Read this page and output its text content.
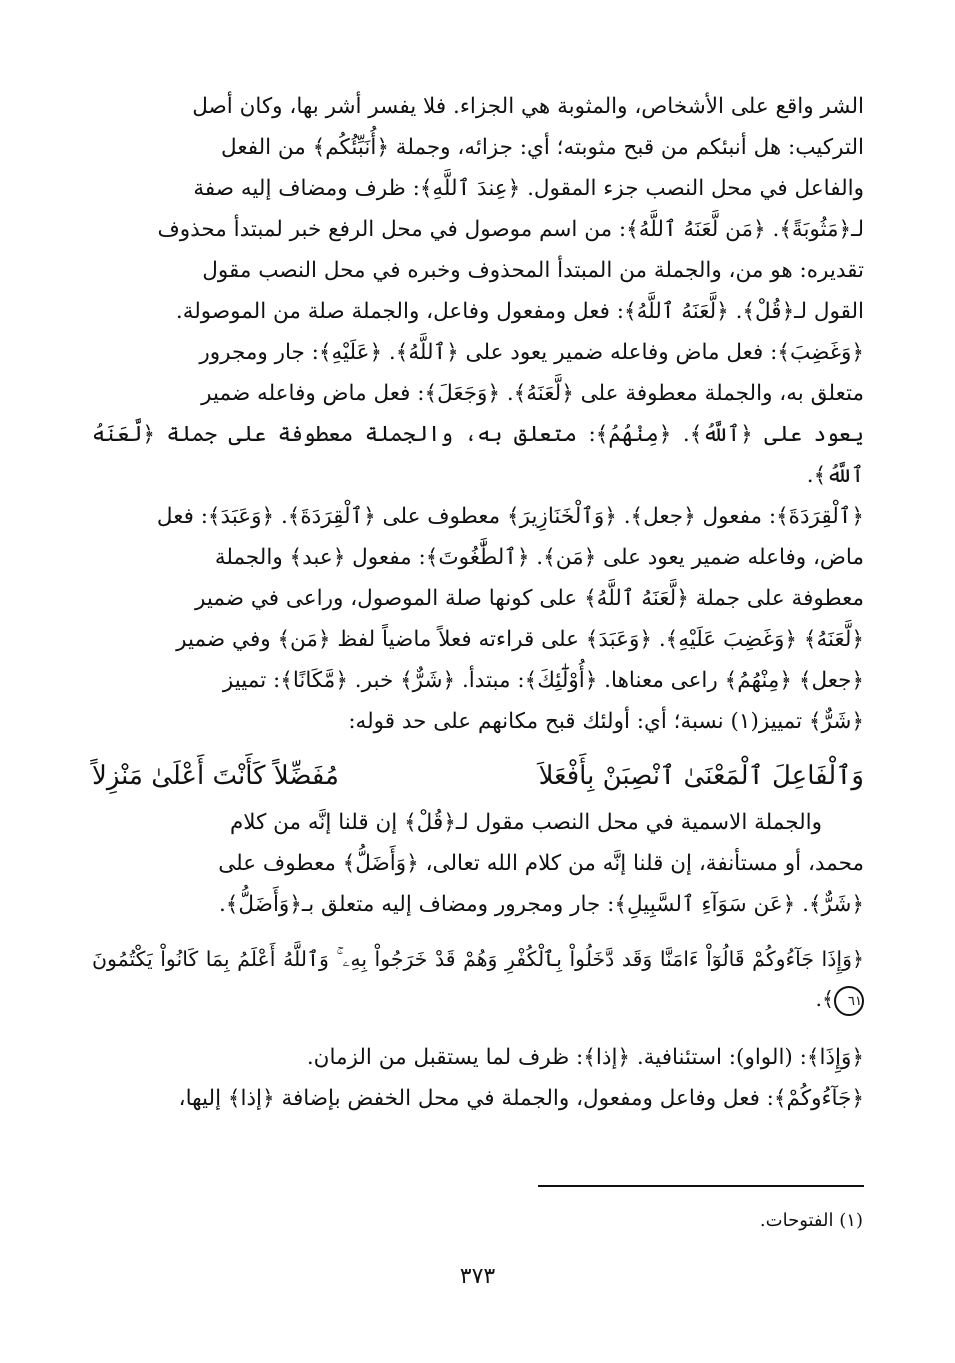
الشر واقع على الأشخاص، والمثوبة هي الجزاء. فلا يفسر أشر بها، وكان أصل

التركيب: هل أنبئكم من قبح مثوبته؛ أي: جزائه، وجملة ﴿أُنَبِّئُكُم﴾ من الفعل

والفاعل في محل النصب جزء المقول. ﴿عِندَ ٱللَّهِ﴾: ظرف ومضاف إليه صفة

لـ﴿مَثُوبَةً﴾. ﴿مَن لَّعَنَهُ ٱللَّهُ﴾: من اسم موصول في محل الرفع خبر لمبتدأ محذوف

تقديره: هو من، والجملة من المبتدأ المحذوف وخبره في محل النصب مقول

القول لـ﴿قُلْ﴾. ﴿لَّعَنَهُ ٱللَّهُ﴾: فعل ومفعول وفاعل، والجملة صلة من الموصولة.

﴿وَغَضِبَ﴾: فعل ماض وفاعله ضمير يعود على ﴿ٱللَّهُ﴾. ﴿عَلَيْهِ﴾: جار ومجرور

متعلق به، والجملة معطوفة على ﴿لَّعَنَهُ﴾. ﴿وَجَعَلَ﴾: فعل ماض وفاعله ضمير

يعود على ﴿ٱللَّهُ﴾. ﴿مِنْهُمُ﴾: متعلق به، والجملة معطوفة على جملة ﴿لَّعَنَهُ ٱللَّهُ﴾.

﴿ٱلْقِرَدَةَ﴾: مفعول ﴿جعل﴾. ﴿وَٱلْخَنَازِيرَ﴾ معطوف على ﴿ٱلْقِرَدَةَ﴾. ﴿وَعَبَدَ﴾: فعل

ماض، وفاعله ضمير يعود على ﴿مَن﴾. ﴿ٱلطَّٰغُوتَ﴾: مفعول ﴿عبد﴾ والجملة

معطوفة على جملة ﴿لَّعَنَهُ ٱللَّهُ﴾ على كونها صلة الموصول، وراعى في ضمير

﴿لَّعَنَهُ﴾ ﴿وَغَضِبَ عَلَيْهِ﴾. ﴿وَعَبَدَ﴾ على قراءته فعلاً ماضياً لفظ ﴿مَن﴾ وفي ضمير

﴿جعل﴾ ﴿مِنْهُمُ﴾ راعى معناها. ﴿أُوْلَٰٓئِكَ﴾: مبتدأ. ﴿شَرٌّ﴾ خبر. ﴿مَّكَانًا﴾: تمييز

﴿شَرٌّ﴾ تمييز(١) نسبة؛ أي: أولئك قبح مكانهم على حد قوله:

وَٱلْفَاعِلَ ٱلْمَعْنَىٰ ٱنْصِبَنْ بِأَفْعَلاَ
مُفَضِّلاً كَأَنْتَ أَعْلَىٰ مَنْزِلاً

والجملة الاسمية في محل النصب مقول لـ﴿قُلْ﴾ إن قلنا إنَّه من كلام

محمد، أو مستأنفة، إن قلنا إنَّه من كلام الله تعالى، ﴿وَأَضَلُّ﴾ معطوف على

﴿شَرٌّ﴾. ﴿عَن سَوَآءِ ٱلسَّبِيلِ﴾: جار ومجرور ومضاف إليه متعلق بـ﴿وَأَضَلُّ﴾.

﴿وَإِذَا جَآءُوكُمْ قَالُوٓاْ ءَامَنَّا وَقَد دَّخَلُواْ بِٱلْكُفْرِ وَهُمْ قَدْ خَرَجُواْ بِهِۦ ۚ وَٱللَّهُ أَعْلَمُ بِمَا كَانُواْ يَكْتُمُونَ ٦١﴾.

﴿وَإِذَا﴾: (الواو): استئنافية. ﴿إذا﴾: ظرف لما يستقبل من الزمان.

﴿جَآءُوكُمْ﴾: فعل وفاعل ومفعول، والجملة في محل الخفض بإضافة ﴿إذا﴾ إليها،

(١) الفتوحات.
٣٧٣
